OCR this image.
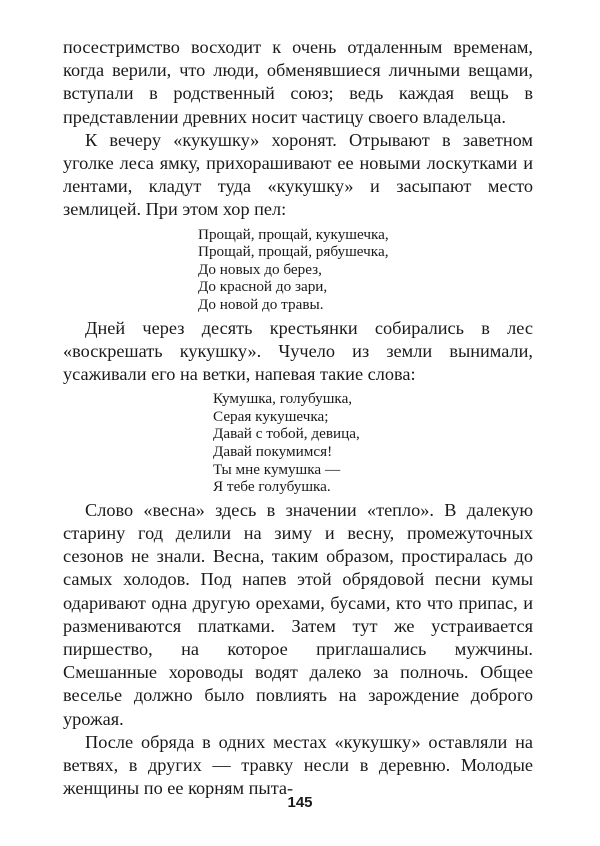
посестримство восходит к очень отдаленным временам, когда верили, что люди, обменявшиеся личными вещами, вступали в родственный союз; ведь каждая вещь в представлении древних носит частицу своего владельца.

К вечеру «кукушку» хоронят. Отрывают в заветном уголке леса ямку, прихорашивают ее новыми лоскутками и лентами, кладут туда «кукушку» и засыпают место землицей. При этом хор пел:

Прощай, прощай, кукушечка,
Прощай, прощай, рябушечка,
До новых до берез,
До красной до зари,
До новой до травы.

Дней через десять крестьянки собирались в лес «воскрешать кукушку». Чучело из земли вынимали, усаживали его на ветки, напевая такие слова:

Кумушка, голубушка,
Серая кукушечка;
Давай с тобой, девица,
Давай покумимся!
Ты мне кумушка —
Я тебе голубушка.

Слово «весна» здесь в значении «тепло». В далекую старину год делили на зиму и весну, промежуточных сезонов не знали. Весна, таким образом, простиралась до самых холодов. Под напев этой обрядовой песни кумы одаривают одна другую орехами, бусами, кто что припас, и размениваются платками. Затем тут же устраивается пиршество, на которое приглашались мужчины. Смешанные хороводы водят далеко за полночь. Общее веселье должно было повлиять на зарождение доброго урожая.

После обряда в одних местах «кукушку» оставляли на ветвях, в других — травку несли в деревню. Молодые женщины по ее корням пыта-

145
